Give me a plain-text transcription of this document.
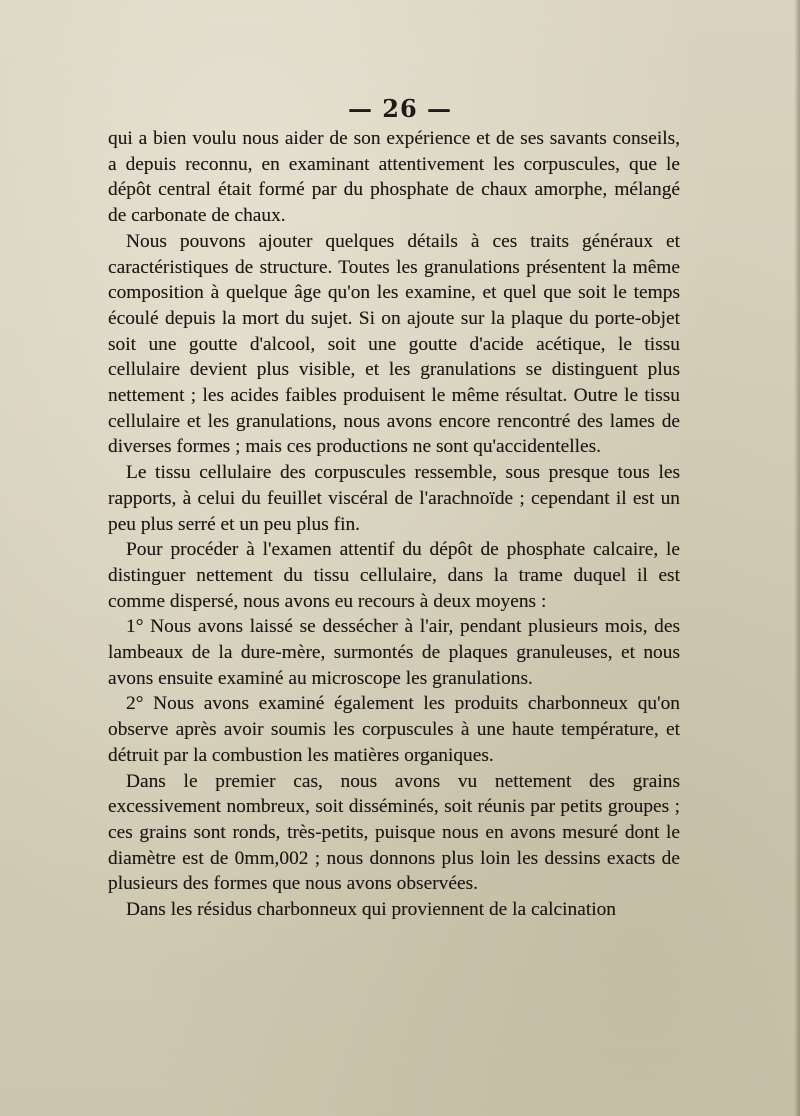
— 26 —

qui a bien voulu nous aider de son expérience et de ses savants conseils, a depuis reconnu, en examinant attentivement les corpuscules, que le dépôt central était formé par du phosphate de chaux amorphe, mélangé de carbonate de chaux.

Nous pouvons ajouter quelques détails à ces traits généraux et caractéristiques de structure. Toutes les granulations présentent la même composition à quelque âge qu'on les examine, et quel que soit le temps écoulé depuis la mort du sujet. Si on ajoute sur la plaque du porte-objet soit une goutte d'alcool, soit une goutte d'acide acétique, le tissu cellulaire devient plus visible, et les granulations se distinguent plus nettement ; les acides faibles produisent le même résultat. Outre le tissu cellulaire et les granulations, nous avons encore rencontré des lames de diverses formes ; mais ces productions ne sont qu'accidentelles.

Le tissu cellulaire des corpuscules ressemble, sous presque tous les rapports, à celui du feuillet viscéral de l'arachnoïde ; cependant il est un peu plus serré et un peu plus fin.

Pour procéder à l'examen attentif du dépôt de phosphate calcaire, le distinguer nettement du tissu cellulaire, dans la trame duquel il est comme dispersé, nous avons eu recours à deux moyens :

1° Nous avons laissé se dessécher à l'air, pendant plusieurs mois, des lambeaux de la dure-mère, surmontés de plaques granuleuses, et nous avons ensuite examiné au microscope les granulations.

2° Nous avons examiné également les produits charbonneux qu'on observe après avoir soumis les corpuscules à une haute température, et détruit par la combustion les matières organiques.

Dans le premier cas, nous avons vu nettement des grains excessivement nombreux, soit disséminés, soit réunis par petits groupes ; ces grains sont ronds, très-petits, puisque nous en avons mesuré dont le diamètre est de 0mm,002 ; nous donnons plus loin les dessins exacts de plusieurs des formes que nous avons observées.

Dans les résidus charbonneux qui proviennent de la calcination
